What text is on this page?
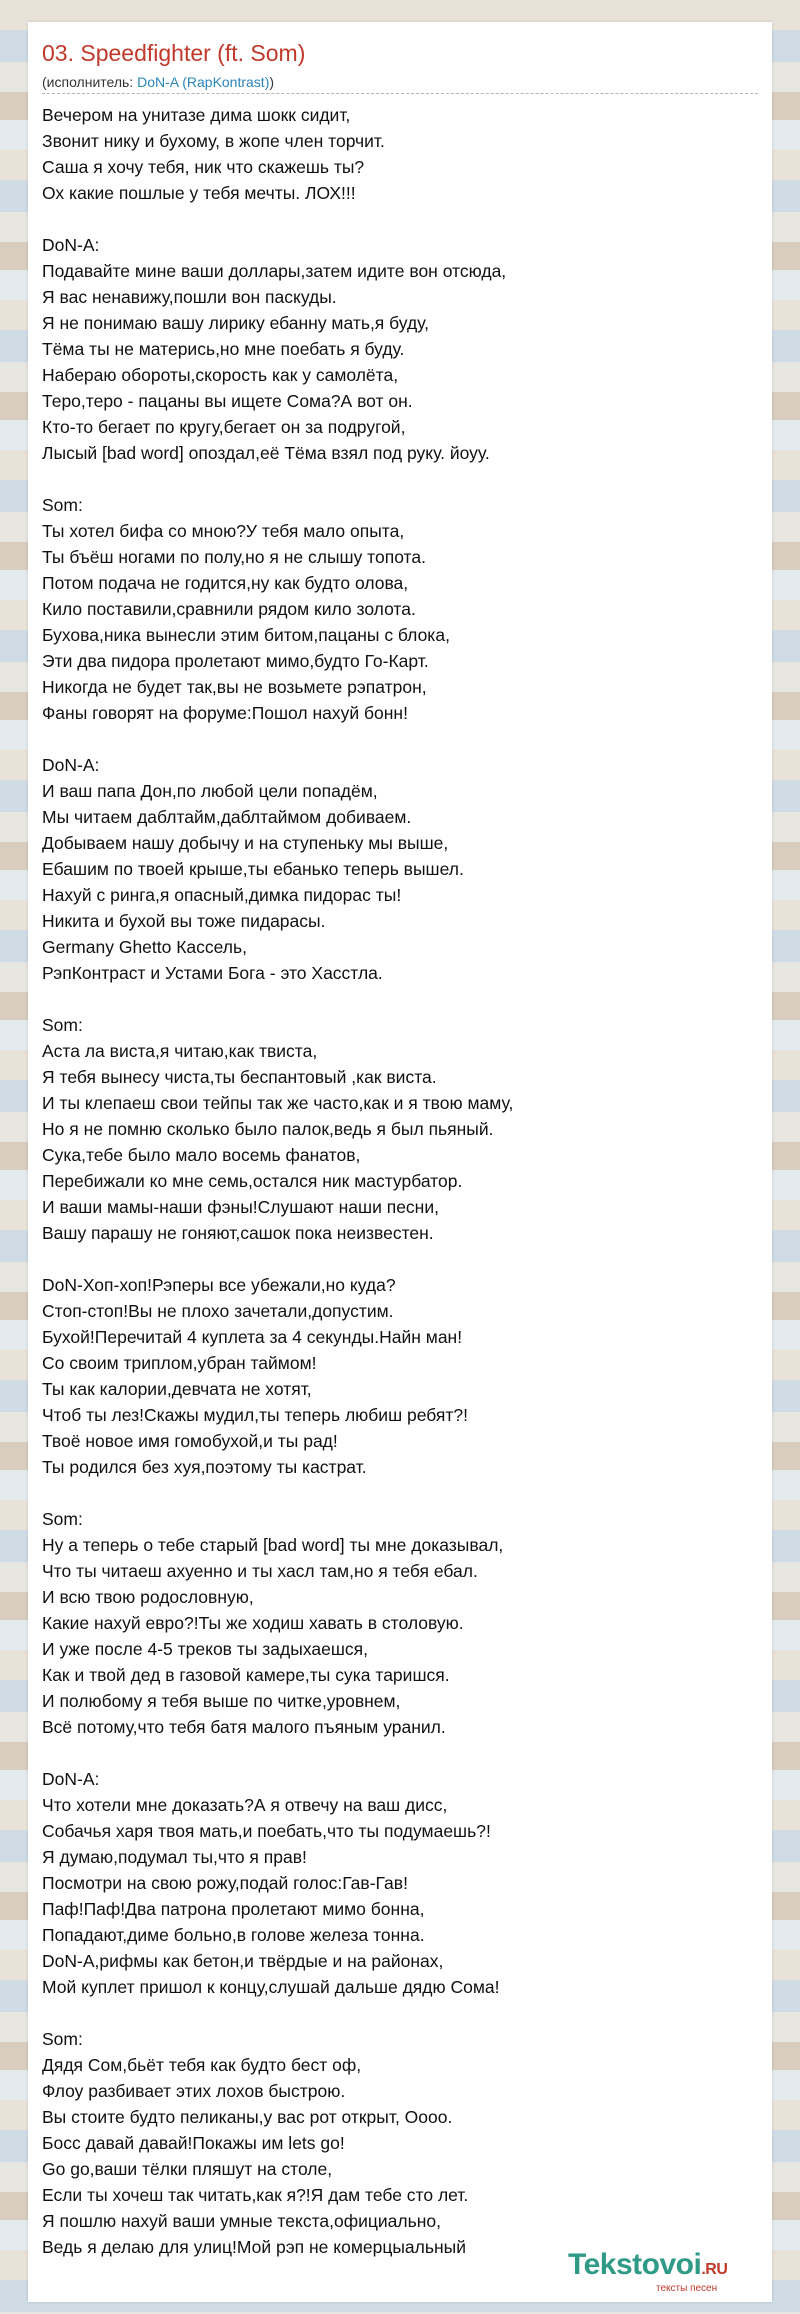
03. Speedfighter (ft. Som)
(исполнитель: DoN-A (RapKontrast))
Вечером на унитазе дима шокк сидит,
Звонит нику и бухому, в жопе член торчит.
Саша я хочу тебя, ник что скажешь ты?
Ох какие пошлые у тебя мечты. ЛОХ!!!
DoN-A:
Подавайте мине ваши доллары,затем идите вон отсюда,
Я вас ненавижу,пошли вон паскуды.
Я не понимаю вашу лирику ебанну мать,я буду,
Тёма ты не матерись,но мне поебать я буду.
Набераю обороты,скорость как у самолёта,
Теро,теро - пацаны вы ищете Сома?А вот он.
Кто-то бегает по кругу,бегает он за подругой,
Лысый [bad word] опоздал,её Тёма взял под руку. йоуу.
Som:
Ты хотел бифа со мною?У тебя мало опыта,
Ты бъёш ногами по полу,но я не слышу топота.
Потом подача не годится,ну как будто олова,
Кило поставили,сравнили рядом кило золота.
Бухова,ника вынесли этим битом,пацаны с блока,
Эти два пидора пролетают мимо,будто Го-Карт.
Никогда не будет так,вы не возьмете рэпатрон,
Фаны говорят на форуме:Пошол нахуй бонн!
DoN-A:
И ваш папа Дон,по любой цели попадём,
Мы читаем даблтайм,даблтаймом добиваем.
Добываем нашу добычу и на ступеньку мы выше,
Ебашим по твоей крыше,ты ебанько теперь вышел.
Нахуй с ринга,я опасный,димка пидорас ты!
Никита и бухой вы тоже пидарасы.
Germany Ghetto Кассель,
РэпКонтраст и Устами Бога - это Хасстла.
Som:
Аста ла виста,я читаю,как твиста,
Я тебя вынесу чиста,ты беспантовый ,как виста.
И ты клепаеш свои тейпы так же часто,как и я твою маму,
Но я не помню сколько было палок,ведь я был пьяный.
Сука,тебе было мало восемь фанатов,
Перебижали ко мне семь,остался ник мастурбатор.
И ваши мамы-наши фэны!Слушают наши песни,
Вашу парашу не гоняют,сашок пока неизвестен.
DoN-Хоп-хоп!Рэперы все убежали,но куда?
Стоп-стоп!Вы не плохо зачетали,допустим.
Бухой!Перечитай 4 куплета за 4 секунды.Найн ман!
Со своим триплом,убран таймом!
Ты как калории,девчата не хотят,
Чтоб ты лез!Скажы мудил,ты теперь любиш ребят?!
Твоё новое имя гомобухой,и ты рад!
Ты родился без хуя,поэтому ты кастрат.
Som:
Ну а теперь о тебе старый [bad word] ты мне доказывал,
Что ты читаеш ахуенно и ты хасл там,но я тебя ебал.
И всю твою родословную,
Какие нахуй евро?!Ты же ходиш хавать в столовую.
И уже после 4-5 треков ты задыхаешся,
Как и твой дед в газовой камере,ты сука таришся.
И полюбому я тебя выше по читке,уровнем,
Всё потому,что тебя батя малого пъяным уранил.
DoN-A:
Что хотели мне доказать?А я отвечу на ваш дисс,
Собачья харя твоя мать,и поебать,что ты подумаешь?!
Я думаю,подумал ты,что я прав!
Посмотри на свою рожу,подай голос:Гав-Гав!
Паф!Паф!Два патрона пролетают мимо бонна,
Попадают,диме больно,в голове железа тонна.
DoN-A,рифмы как бетон,и твёрдые и на районах,
Мой куплет пришол к концу,слушай дальше дядю Сома!
Som:
Дядя Сом,бьёт тебя как будто бест оф,
Флоу разбивает этих лохов быстрою.
Вы стоите будто пеликаны,у вас рот открыт, Оооо.
Босс давай давай!Покажы им lets go!
Go go,ваши тёлки пляшут на столе,
Если ты хочеш так читать,как я?!Я дам тебе сто лет.
Я пошлю нахуй ваши умные текста,официально,
Ведь я делаю для улиц!Мой рэп не комерцыальный
Tekstovoi.RU
тексты песен
